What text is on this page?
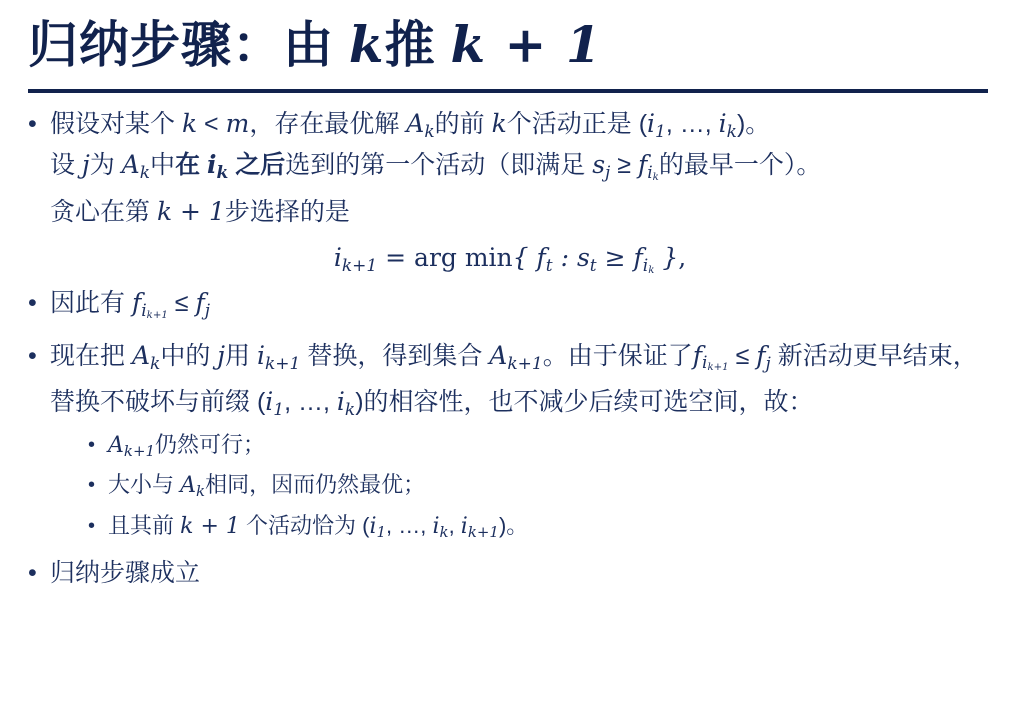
归纳步骤：由 k推 k + 1
• 假设对某个 k < m，存在最优解 $A_k$的前 k个活动正是 ($i_1$, …, $i_k$)。
设 j为 $A_k$中在 $i_k$ 之后选到的第一个活动（即满足 $s_j \ge f_{ik}$的最早一个）。
贪心在第 k + 1步选择的是
$i_{k+1}$ = arg min{ $f_t$ : $s_t \ge f_{ik}$ },
• 因此有 $f_{ik+1} \le f_j$
• 现在把 $A_k$中的 j用 $i_{k+1}$ 替换，得到集合 $A_{k+1}$。由于保证了$f_{ik+1} \le f_j$ 新活动更早结束，替换不破坏与前缀 ($i_1$, …, $i_k$)的相容性，也不减少后续可选空间，故：
• $A_{k+1}$仍然可行；
• 大小与 $A_k$相同，因而仍然最优；
• 且其前 k + 1 个活动恰为 ($i_1$, …, $i_k$, $i_{k+1}$)。
• 归纳步骤成立
